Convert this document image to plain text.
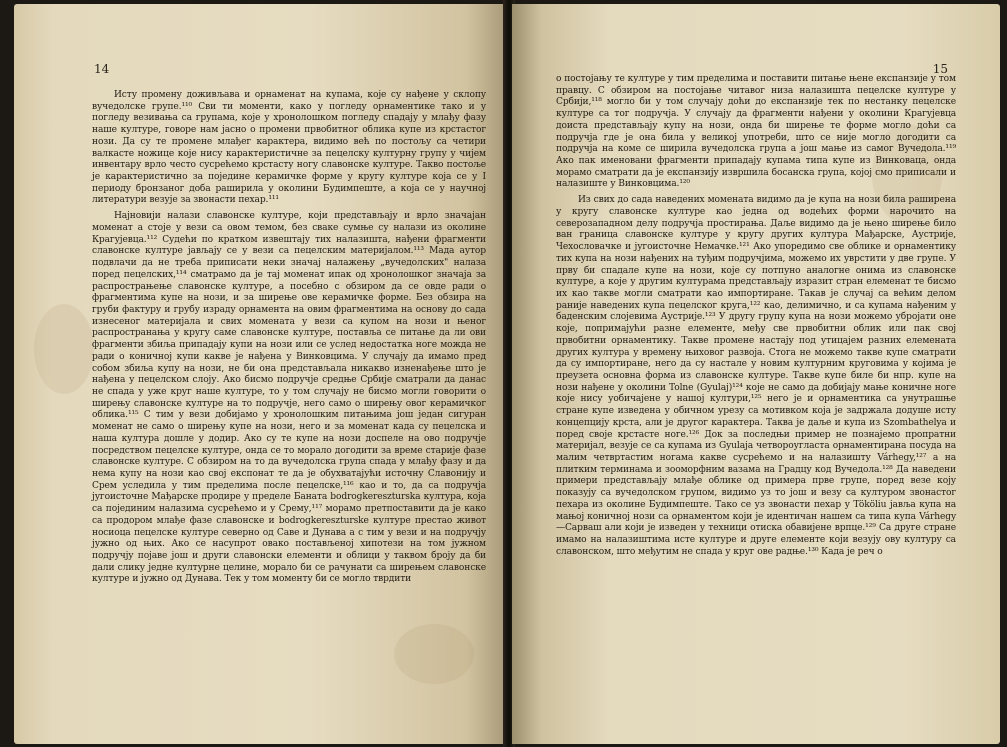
14

Исту промену доживљава и орнаменат на купама, које су нађене у склопу вучедолске групе.¹¹⁰ Сви ти моменти, како у погледу орнаментике тако и у погледу везивања са групама, које у хронолошком погледу спадају у млађу фазу наше културе, говоре нам јасно о промени првобитног облика купе из крстастог нози. Да су те промене млађег карактера, видимо већ по постољу са четири валкасте ножице које нису карактеристичне за пецелску културну групу у чијем инвентару врло често сусрећемо крстасту ногу славонске културе. Такво постоље је карактеристично за поједине керамичке форме у кругу културе која се у I периоду бронзаног доба раширила у околини Будимпеште, а која се у научној литератури везује за звонасти пехар.¹¹¹

Најновији налази славонске културе, који представљају и врло значајан моменат а стоје у вези са овом темом, без сваке сумње су налази из околине Крагујевца.¹¹² Судећи по кратком извештају тих налазишта, нађени фрагменти славонске културе јављају се у вези са пецелским материјалом.¹¹³ Мада аутор подвлачи да не треба приписати неки значај налажењу „вучедолских" налаза поред пецелских,¹¹⁴ сматрамо да је тај моменат ипак од хронолошког значаја за распрострањење славонске културе, а посебно с обзиром да се овде ради о фрагментима купе на нози, и за ширење ове керамичке форме. Без обзира на груби фактуру и грубу израду орнамента на овим фрагментима на основу до сада изнесеног материјала и свих момената у вези са купом на нози и њеног распространања у кругу саме славонске културе, поставља се питање да ли ови фрагменти збиља припадају купи на нози или се услед недостатка ноге можда не ради о коничној купи какве је нађена у Винковцима. У случају да имамо пред собом збиља купу на нози, не би она представљала никакво изненађење што је нађена у пецелском слоју. Ако бисмо подручје средње Србије сматрали да данас не спада у уже круг наше културе, то у том случају не бисмо могли говорити о ширењу славонске културе на то подручје, него само о ширењу овог керамичког облика.¹¹⁵ С тим у вези добијамо у хронолошким питањима још један сигуран моменат не само о ширењу купе на нози, него и за моменат када су пецелска и наша култура дошле у додир. Ако су те купе на нози доспеле на ово подручје посредством пецелске културе, онда се то морало догодити за време старије фазе славонске културе. С обзиром на то да вучедолска група спада у млађу фазу и да нема купу на нози као свој експонат те да је обухватајући источну Славонију и Срем уследила у тим пределима после пецелске,¹¹⁶ као и то, да са подручја југоисточне Мађарске продире у пределе Баната bodrogkereszturska култура, која са појединим налазима сусрећемо и у Срему,¹¹⁷ морамо претпоставити да је како са продором млађе фазе славонске и bodrogkereszturske културе престао живот носиоца пецелске културе северно од Саве и Дунава а с тим у вези и на подручју јужно од њих. Ако се насупрот овако постављеној хипотези на том јужном подручју појаве још и други славонски елементи и облици у таквом броју да би дали слику једне културне целине, морало би се рачунати са ширењем славонске културе и јужно од Дунава. Тек у том моменту би се могло тврдити

15

о постојању те културе у тим пределима и поставити питање њене експанзије у том правцу. С обзиром на постојање читавог низа налазишта пецелске културе у Србији,¹¹⁸ могло би у том случају доћи до експанзије тек по нестанку пецелске културе са тог подручја. У случају да фрагменти нађени у околини Крагујевца доиста представљају купу на нози, онда би ширење те форме могло доћи са подручја где је она била у великој употреби, што се није могло догодити са подручја на коме се ширила вучедолска група а још мање из самог Вучедола.¹¹⁹ Ако пак именовани фрагменти припадају купама типа купе из Винковаца, онда морамо сматрати да је експанзију извршила босанска група, којој смо приписали и налазиште у Винковцима.¹²⁰

Из свих до сада наведених момената видимо да је купа на нози била раширена у кругу славонске културе као једна од водећих форми нарочито на северозападном делу подручја простирања. Даље видимо да је њено ширење било ван граница славонске културе у кругу других култура Мађарске, Аустрије, Чехословачке и југоисточне Немачке.¹²¹ Ако упоредимо све облике и орнаментику тих купа на нози нађених на туђим подручјима, можемо их уврстити у две групе. У прву би спадале купе на нози, које су потпуно аналогне онима из славонске културе, а које у другим културама представљају изразит стран елеменат те бисмо их као такве могли сматрати као импортиране. Такав је случај са већим делом раније наведених купа пецелског круга,¹²² као, делимично, и са купама нађеним у баденским слојевима Аустрије.¹²³ У другу групу купа на нози можемо убројати оне које, попримајући разне елементе, међу све првобитни облик или пак свој првобитни орнаментику. Такве промене настају под утицајем разних елемената других култура у времену њиховог развоја. Стога не можемо такве купе сматрати да су импортиране, него да су настале у новим културним круговима у којима је преузета основна форма из славонске културе. Такве купе биле би нпр. купе на нози нађене у околини Tolne (Gyulaj)¹²⁴ које не само да добијају мање коничне ноге које нису уобичајене у нашој култури,¹²⁵ него је и орнаментика са унутрашње стране купе изведена у обичном урезу са мотивком која је задржала додуше исту концепцију крста, али је другог карактера. Таква је даље и купа из Szombathelya и поред своје крстасте ноге.¹²⁶ Док за последњи пример не познајемо пропратни материјал, везује се са купама из Gyulaja четвороугласта орнаментирана посуда на малим четвртастим ногама какве сусрећемо и на налазишту Várhegy,¹²⁷ а на плитким терминама и зооморфним вазама на Градцу код Вучедола.¹²⁸ Да наведени примери представљају млађе облике од примера прве групе, поред везе коју показују са вучедолском групом, видимо уз то још и везу са културом звонастог пехара из околине Будимпеште. Тако се уз звонасти пехар у Tököliu јавља купа на мањој коничној нози са орнаментом који је идентичан нашем са типа купа Várhegy—Сарваш али који је изведен у техници отиска обавијене врпце.¹²⁹ Са друге стране имамо на налазиштима исте културе и друге елементе који везују ову културу са славонском, што међутим не спада у круг ове радње.¹³⁰ Када је реч о
